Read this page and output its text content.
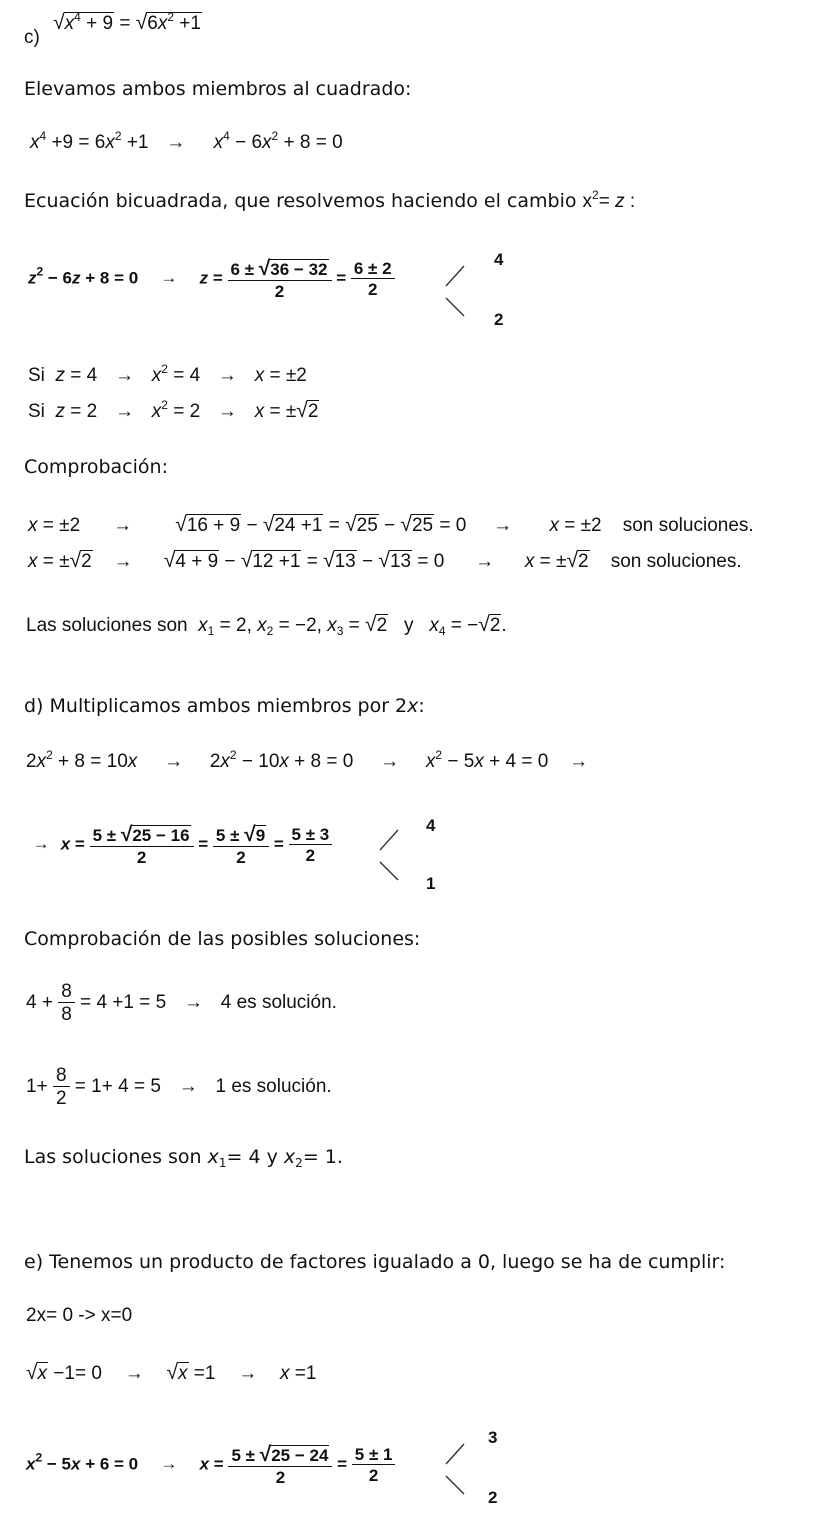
c) $√x^4 + 9 = √6x^2 +1$
Elevamos ambos miembros al cuadrado:
$x^4 +9 = 6x^2 +1 \to x^4 - 6x^2 + 8 = 0$
Ecuación bicuadrada, que resolvemos haciendo el cambio $x^2= z$ :
$z^2 - 6z + 8 = 0 \to z = \frac{6 \pm √36 - 32}{2} = \frac{6 \pm 2}{2}$
4
2
Si  $z = 4 \to x^2 = 4 \to x = \pm 2$
Si  $z = 2 \to x^2 = 2 \to x = \pm√2$
Comprobación:
x = ±2 → √16 + 9 − √24 +1 = √25 − √25 = 0 → x = ±2    son soluciones.
x = ±√2 → √4 + 9 − √12 +1 = √13 − √13 = 0 → x = ±√2 son soluciones.
Las soluciones son $x_1 = 2$, $x_2 = -2$, $x_3 = √2$   y   $x_4 = -√2$.
d) Multiplicamos ambos miembros por 2x:
$2x^2 + 8 = 10x \to 2x^2 - 10x + 8 = 0 \to x^2 - 5x + 4 = 0$ →
→ $x = \frac{5 \pm √25 - 16}{2} = \frac{5 \pm √9}{2} = \frac{5 \pm 3}{2}$
4
1
Comprobación de las posibles soluciones:
$4 + \frac{8}{8} = 4 +1 = 5 \to 4$ es solución.
$1+ \frac{8}{2} = 1+ 4 = 5 \to 1$ es solución.
Las soluciones son $x_1= 4$ y $x_2= 1$.
e) Tenemos un producto de factores igualado a 0, luego se ha de cumplir:
2x= 0 -> x=0
√x −1= 0 → √x =1 → x =1
$x^2 - 5x + 6 = 0 \to x = \frac{5 \pm √25 - 24}{2} = \frac{5 \pm 1}{2}$
3
2
